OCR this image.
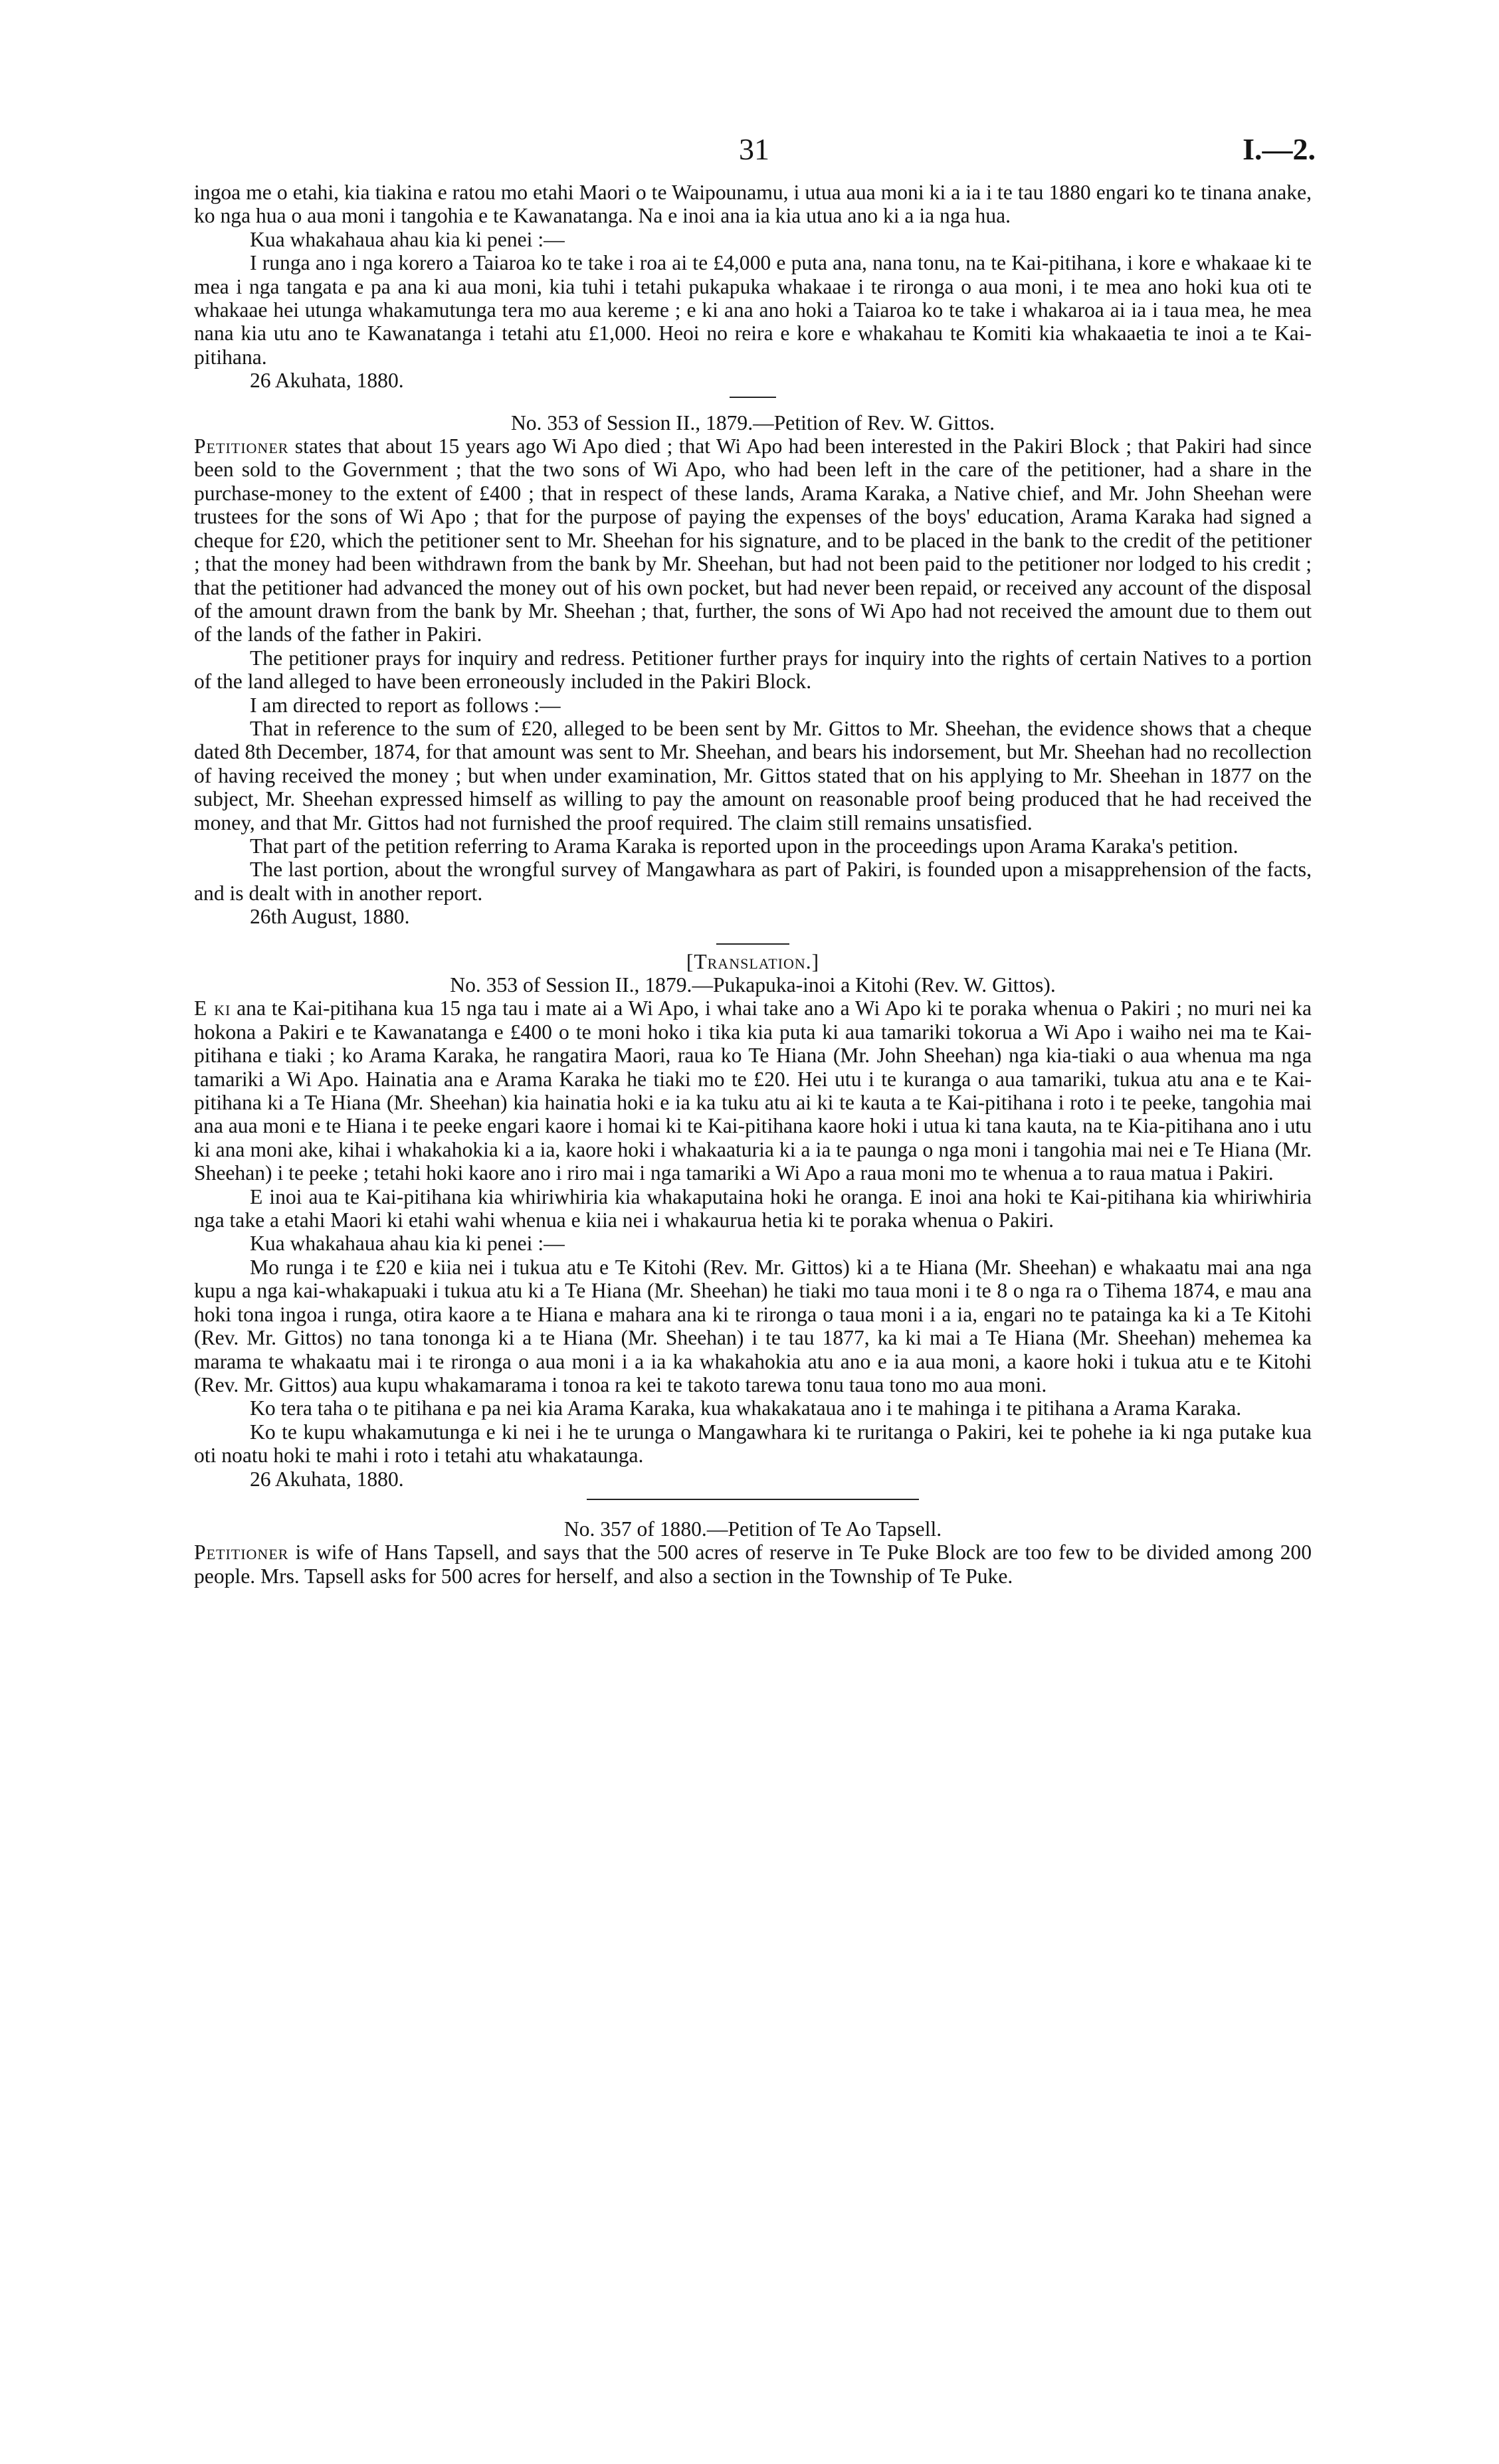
31	I.—2.

ingoa me o etahi, kia tiakina e ratou mo etahi Maori o te Waipounamu, i utua aua moni ki a ia i te tau 1880 engari ko te tinana anake, ko nga hua o aua moni i tangohia e te Kawanatanga. Na e inoi ana ia kia utua ano ki a ia nga hua.

Kua whakahaua ahau kia ki penei :—

I runga ano i nga korero a Taiaroa ko te take i roa ai te £4,000 e puta ana, nana tonu, na te Kai-pitihana, i kore e whakaae ki te mea i nga tangata e pa ana ki aua moni, kia tuhi i tetahi pukapuka whakaae i te rironga o aua moni, i te mea ano hoki kua oti te whakaae hei utunga whakamutunga tera mo aua kereme ; e ki ana ano hoki a Taiaroa ko te take i whakaroa ai ia i taua mea, he mea nana kia utu ano te Kawanatanga i tetahi atu £1,000. Heoi no reira e kore e whakahau te Komiti kia whakaaetia te inoi a te Kai-pitihana.

26 Akuhata, 1880.

No. 353 of Session II., 1879.—Petition of Rev. W. Gittos.

Petitioner states that about 15 years ago Wi Apo died ; that Wi Apo had been interested in the Pakiri Block ; that Pakiri had since been sold to the Government ; that the two sons of Wi Apo, who had been left in the care of the petitioner, had a share in the purchase-money to the extent of £400 ; that in respect of these lands, Arama Karaka, a Native chief, and Mr. John Sheehan were trustees for the sons of Wi Apo ; that for the purpose of paying the expenses of the boys' education, Arama Karaka had signed a cheque for £20, which the petitioner sent to Mr. Sheehan for his signature, and to be placed in the bank to the credit of the petitioner ; that the money had been withdrawn from the bank by Mr. Sheehan, but had not been paid to the petitioner nor lodged to his credit ; that the petitioner had advanced the money out of his own pocket, but had never been repaid, or received any account of the disposal of the amount drawn from the bank by Mr. Sheehan ; that, further, the sons of Wi Apo had not received the amount due to them out of the lands of the father in Pakiri.

The petitioner prays for inquiry and redress. Petitioner further prays for inquiry into the rights of certain Natives to a portion of the land alleged to have been erroneously included in the Pakiri Block.

I am directed to report as follows :—

That in reference to the sum of £20, alleged to be been sent by Mr. Gittos to Mr. Sheehan, the evidence shows that a cheque dated 8th December, 1874, for that amount was sent to Mr. Sheehan, and bears his indorsement, but Mr. Sheehan had no recollection of having received the money ; but when under examination, Mr. Gittos stated that on his applying to Mr. Sheehan in 1877 on the subject, Mr. Sheehan expressed himself as willing to pay the amount on reasonable proof being produced that he had received the money, and that Mr. Gittos had not furnished the proof required. The claim still remains unsatisfied.

That part of the petition referring to Arama Karaka is reported upon in the proceedings upon Arama Karaka's petition.

The last portion, about the wrongful survey of Mangawhara as part of Pakiri, is founded upon a misapprehension of the facts, and is dealt with in another report.

26th August, 1880.

[Translation.]

No. 353 of Session II., 1879.—Pukapuka-inoi a Kitohi (Rev. W. Gittos).

E ki ana te Kai-pitihana kua 15 nga tau i mate ai a Wi Apo, i whai take ano a Wi Apo ki te poraka whenua o Pakiri ; no muri nei ka hokona a Pakiri e te Kawanatanga e £400 o te moni hoko i tika kia puta ki aua tamariki tokorua a Wi Apo i waiho nei ma te Kai-pitihana e tiaki ; ko Arama Karaka, he rangatira Maori, raua ko Te Hiana (Mr. John Sheehan) nga kia-tiaki o aua whenua ma nga tamariki a Wi Apo. Hainatia ana e Arama Karaka he tiaki mo te £20. Hei utu i te kuranga o aua tamariki, tukua atu ana e te Kai-pitihana ki a Te Hiana (Mr. Sheehan) kia hainatia hoki e ia ka tuku atu ai ki te kauta a te Kai-pitihana i roto i te peeke, tangohia mai ana aua moni e te Hiana i te peeke engari kaore i homai ki te Kai-pitihana kaore hoki i utua ki tana kauta, na te Kia-pitihana ano i utu ki ana moni ake, kihai i whakahokia ki a ia, kaore hoki i whakaaturia ki a ia te paunga o nga moni i tangohia mai nei e Te Hiana (Mr. Sheehan) i te peeke ; tetahi hoki kaore ano i riro mai i nga tamariki a Wi Apo a raua moni mo te whenua a to raua matua i Pakiri.

E inoi aua te Kai-pitihana kia whiriwhiria kia whakaputaina hoki he oranga. E inoi ana hoki te Kai-pitihana kia whiriwhiria nga take a etahi Maori ki etahi wahi whenua e kiia nei i whakaurua hetia ki te poraka whenua o Pakiri.

Kua whakahaua ahau kia ki penei :—

Mo runga i te £20 e kiia nei i tukua atu e Te Kitohi (Rev. Mr. Gittos) ki a te Hiana (Mr. Sheehan) e whakaatu mai ana nga kupu a nga kai-whakapuaki i tukua atu ki a Te Hiana (Mr. Sheehan) he tiaki mo taua moni i te 8 o nga ra o Tihema 1874, e mau ana hoki tona ingoa i runga, otira kaore a te Hiana e mahara ana ki te rironga o taua moni i a ia, engari no te patainga ka ki a Te Kitohi (Rev. Mr. Gittos) no tana tononga ki a te Hiana (Mr. Sheehan) i te tau 1877, ka ki mai a Te Hiana (Mr. Sheehan) mehemea ka marama te whakaatu mai i te rironga o aua moni i a ia ka whakahokia atu ano e ia aua moni, a kaore hoki i tukua atu e te Kitohi (Rev. Mr. Gittos) aua kupu whakamarama i tonoa ra kei te takoto tarewa tonu taua tono mo aua moni.

Ko tera taha o te pitihana e pa nei kia Arama Karaka, kua whakakataua ano i te mahinga i te pitihana a Arama Karaka.

Ko te kupu whakamutunga e ki nei i he te urunga o Mangawhara ki te ruritanga o Pakiri, kei te pohehe ia ki nga putake kua oti noatu hoki te mahi i roto i tetahi atu whakataunga.

26 Akuhata, 1880.

No. 357 of 1880.—Petition of Te Ao Tapsell.

Petitioner is wife of Hans Tapsell, and says that the 500 acres of reserve in Te Puke Block are too few to be divided among 200 people. Mrs. Tapsell asks for 500 acres for herself, and also a section in the Township of Te Puke.
